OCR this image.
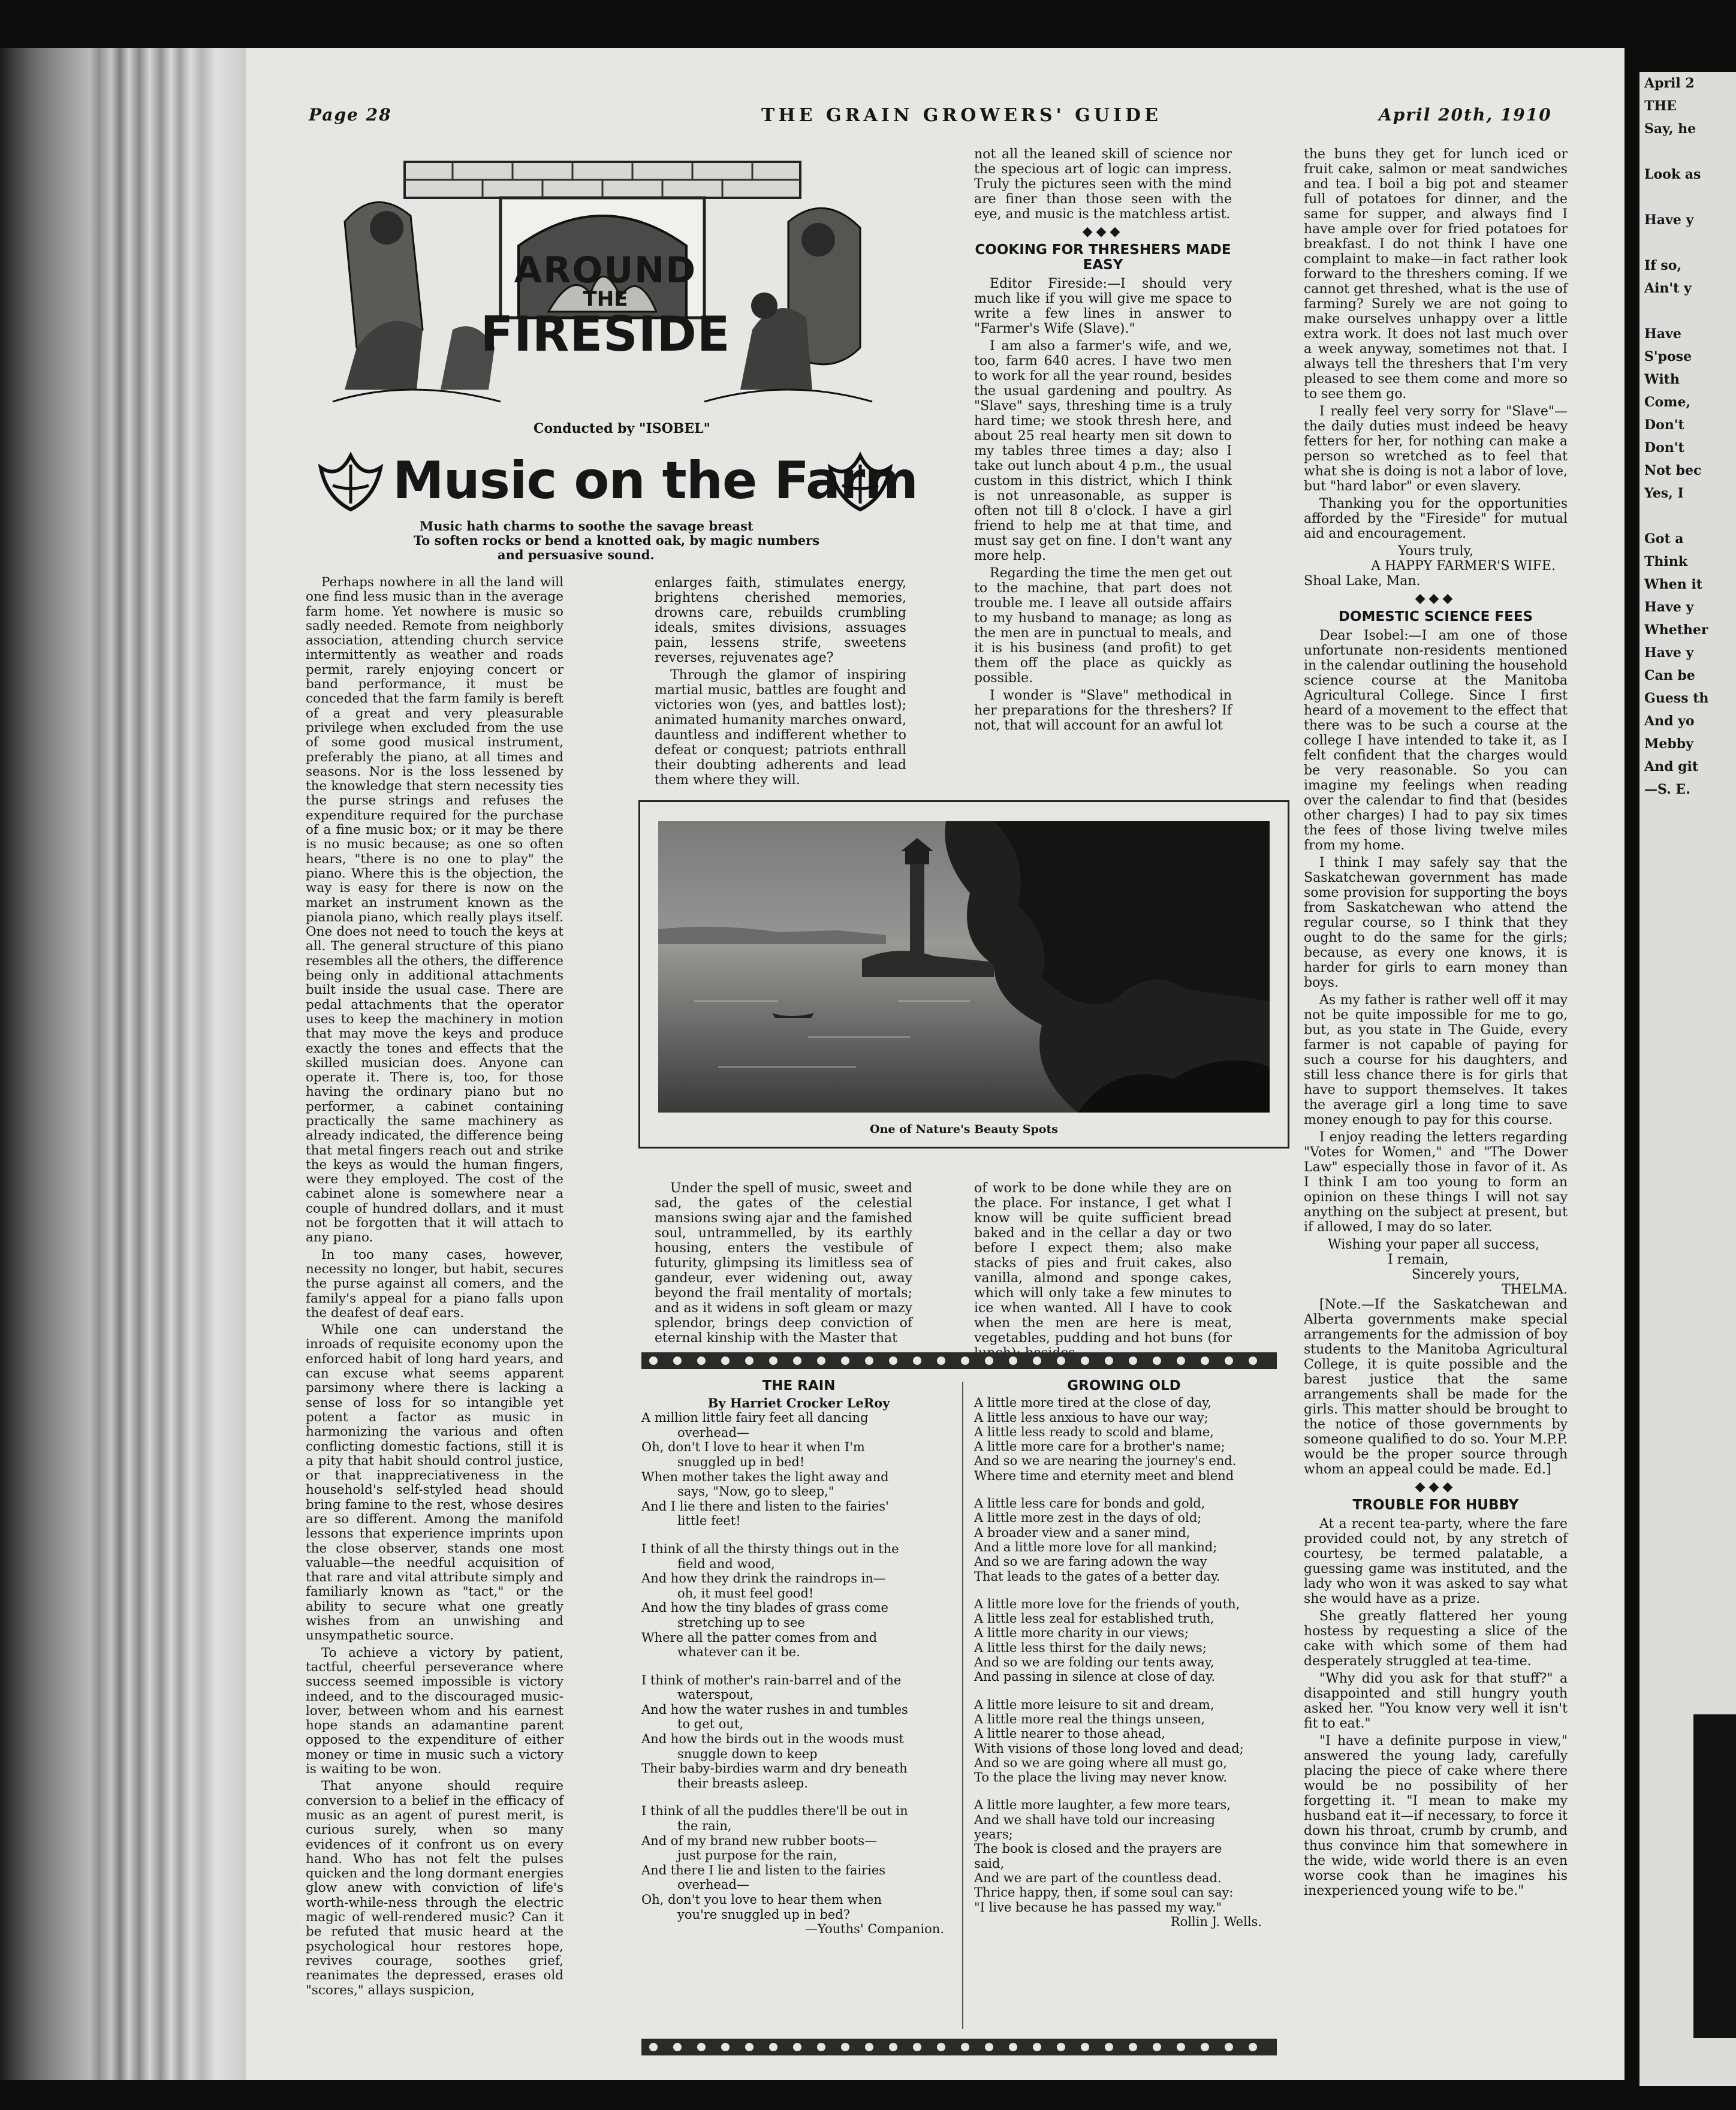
Page 28	THE GRAIN GROWERS' GUIDE	April 20th, 1910
AROUND
THE
FIRESIDE
Conducted by "ISOBEL"
Music on the Farm
Music hath charms to soothe the savage breast
To soften rocks or bend a knotted oak, by magic numbers
and persuasive sound.

Perhaps nowhere in all the land will one find less music than in the average farm home. Yet nowhere is music so sadly needed. Remote from neighborly association, attending church service intermittently as weather and roads permit, rarely enjoying concert or band performance, it must be conceded that the farm family is bereft of a great and very pleasurable privilege when excluded from the use of some good musical instrument, preferably the piano, at all times and seasons. Nor is the loss lessened by the knowledge that stern necessity ties the purse strings and refuses the expenditure required for the purchase of a fine music box; or it may be there is no music because; as one so often hears, "there is no one to play" the piano. Where this is the objection, the way is easy for there is now on the market an instrument known as the pianola piano, which really plays itself. One does not need to touch the keys at all. The general structure of this piano resembles all the others, the difference being only in additional attachments built inside the usual case. There are pedal attachments that the operator uses to keep the machinery in motion that may move the keys and produce exactly the tones and effects that the skilled musician does. Anyone can operate it. There is, too, for those having the ordinary piano but no performer, a cabinet containing practically the same machinery as already indicated, the difference being that metal fingers reach out and strike the keys as would the human fingers, were they employed. The cost of the cabinet alone is somewhere near a couple of hundred dollars, and it must not be forgotten that it will attach to any piano.

In too many cases, however, necessity no longer, but habit, secures the purse against all comers, and the family's appeal for a piano falls upon the deafest of deaf ears.

While one can understand the inroads of requisite economy upon the enforced habit of long hard years, and can excuse what seems apparent parsimony where there is lacking a sense of loss for so intangible yet potent a factor as music in harmonizing the various and often conflicting domestic factions, still it is a pity that habit should control justice, or that inappreciativeness in the household's self-styled head should bring famine to the rest, whose desires are so different. Among the manifold lessons that experience imprints upon the close observer, stands one most valuable—the needful acquisition of that rare and vital attribute simply and familiarly known as "tact," or the ability to secure what one greatly wishes from an unwishing and unsympathetic source.

To achieve a victory by patient, tactful, cheerful perseverance where success seemed impossible is victory indeed, and to the discouraged music-lover, between whom and his earnest hope stands an adamantine parent opposed to the expenditure of either money or time in music such a victory is waiting to be won.

That anyone should require conversion to a belief in the efficacy of music as an agent of purest merit, is curious surely, when so many evidences of it confront us on every hand. Who has not felt the pulses quicken and the long dormant energies glow anew with conviction of life's worth-while-ness through the electric magic of well-rendered music? Can it be refuted that music heard at the psychological hour restores hope, revives courage, soothes grief, reanimates the depressed, erases old "scores," allays suspicion,

enlarges faith, stimulates energy, brightens cherished memories, drowns care, rebuilds crumbling ideals, smites divisions, assuages pain, lessens strife, sweetens reverses, rejuvenates age?

Through the glamor of inspiring martial music, battles are fought and victories won (yes, and battles lost); animated humanity marches onward, dauntless and indifferent whether to defeat or conquest; patriots enthrall their doubting adherents and lead them where they will.

not all the leaned skill of science nor the specious art of logic can impress. Truly the pictures seen with the mind are finer than those seen with the eye, and music is the matchless artist.

◆◆◆
COOKING FOR THRESHERS MADE EASY

Editor Fireside:—I should very much like if you will give me space to write a few lines in answer to "Farmer's Wife (Slave)."

I am also a farmer's wife, and we, too, farm 640 acres. I have two men to work for all the year round, besides the usual gardening and poultry. As "Slave" says, threshing time is a truly hard time; we stook thresh here, and about 25 real hearty men sit down to my tables three times a day; also I take out lunch about 4 p.m., the usual custom in this district, which I think is not unreasonable, as supper is often not till 8 o'clock. I have a girl friend to help me at that time, and must say get on fine. I don't want any more help.

Regarding the time the men get out to the machine, that part does not trouble me. I leave all outside affairs to my husband to manage; as long as the men are in punctual to meals, and it is his business (and profit) to get them off the place as quickly as possible.

I wonder is "Slave" methodical in her preparations for the threshers? If not, that will account for an awful lot

the buns they get for lunch iced or fruit cake, salmon or meat sandwiches and tea. I boil a big pot and steamer full of potatoes for dinner, and the same for supper, and always find I have ample over for fried potatoes for breakfast. I do not think I have one complaint to make—in fact rather look forward to the threshers coming. If we cannot get threshed, what is the use of farming? Surely we are not going to make ourselves unhappy over a little extra work. It does not last much over a week anyway, sometimes not that. I always tell the threshers that I'm very pleased to see them come and more so to see them go.

I really feel very sorry for "Slave"—the daily duties must indeed be heavy fetters for her, for nothing can make a person so wretched as to feel that what she is doing is not a labor of love, but "hard labor" or even slavery.

Thanking you for the opportunities afforded by the "Fireside" for mutual aid and encouragement.

Yours truly,
A HAPPY FARMER'S WIFE.
Shoal Lake, Man.
◆◆◆
DOMESTIC SCIENCE FEES

Dear Isobel:—I am one of those unfortunate non-residents mentioned in the calendar outlining the household science course at the Manitoba Agricultural College. Since I first heard of a movement to the effect that there was to be such a course at the college I have intended to take it, as I felt confident that the charges would be very reasonable. So you can imagine my feelings when reading over the calendar to find that (besides other charges) I had to pay six times the fees of those living twelve miles from my home.

I think I may safely say that the Saskatchewan government has made some provision for supporting the boys from Saskatchewan who attend the regular course, so I think that they ought to do the same for the girls; because, as every one knows, it is harder for girls to earn money than boys.

As my father is rather well off it may not be quite impossible for me to go, but, as you state in The Guide, every farmer is not capable of paying for such a course for his daughters, and still less chance there is for girls that have to support themselves. It takes the average girl a long time to save money enough to pay for this course.

I enjoy reading the letters regarding "Votes for Women," and "The Dower Law" especially those in favor of it. As I think I am too young to form an opinion on these things I will not say anything on the subject at present, but if allowed, I may do so later.

Wishing your paper all success,
I remain,
Sincerely yours,
THELMA.

[Note.—If the Saskatchewan and Alberta governments make special arrangements for the admission of boy students to the Manitoba Agricultural College, it is quite possible and the barest justice that the same arrangements shall be made for the girls. This matter should be brought to the notice of those governments by someone qualified to do so. Your M.P.P. would be the proper source through whom an appeal could be made. Ed.]

◆◆◆
TROUBLE FOR HUBBY

At a recent tea-party, where the fare provided could not, by any stretch of courtesy, be termed palatable, a guessing game was instituted, and the lady who won it was asked to say what she would have as a prize.

She greatly flattered her young hostess by requesting a slice of the cake with which some of them had desperately struggled at tea-time.

"Why did you ask for that stuff?" a disappointed and still hungry youth asked her. "You know very well it isn't fit to eat."

"I have a definite purpose in view," answered the young lady, carefully placing the piece of cake where there would be no possibility of her forgetting it. "I mean to make my husband eat it—if necessary, to force it down his throat, crumb by crumb, and thus convince him that somewhere in the wide, wide world there is an even worse cook than he imagines his inexperienced young wife to be."

One of Nature's Beauty Spots

Under the spell of music, sweet and sad, the gates of the celestial mansions swing ajar and the famished soul, untrammelled, by its earthly housing, enters the vestibule of futurity, glimpsing its limitless sea of gandeur, ever widening out, away beyond the frail mentality of mortals; and as it widens in soft gleam or mazy splendor, brings deep conviction of eternal kinship with the Master that

of work to be done while they are on the place. For instance, I get what I know will be quite sufficient bread baked and in the cellar a day or two before I expect them; also make stacks of pies and fruit cakes, also vanilla, almond and sponge cakes, which will only take a few minutes to ice when wanted. All I have to cook when the men are here is meat, vegetables, pudding and hot buns (for

THE RAIN
By Harriet Crocker LeRoy
A million little fairy feet all dancing
overhead—
Oh, don't I love to hear it when I'm
snuggled up in bed!
When mother takes the light away and
says, "Now, go to sleep,"
And I lie there and listen to the fairies'
little feet!
I think of all the thirsty things out in the
field and wood,
And how they drink the raindrops in—
oh, it must feel good!
And how the tiny blades of grass come
stretching up to see
Where all the patter comes from and
whatever can it be.
I think of mother's rain-barrel and of the
waterspout,
And how the water rushes in and tumbles
to get out,
And how the birds out in the woods must
snuggle down to keep
Their baby-birdies warm and dry beneath
their breasts asleep.
I think of all the puddles there'll be out in
the rain,
And of my brand new rubber boots—
just purpose for the rain,
And there I lie and listen to the fairies
overhead—
Oh, don't you love to hear them when
you're snuggled up in bed?
—Youths' Companion.
GROWING OLD
A little more tired at the close of day,
A little less anxious to have our way;
A little less ready to scold and blame,
A little more care for a brother's name;
And so we are nearing the journey's end.
Where time and eternity meet and blend
A little less care for bonds and gold,
A little more zest in the days of old;
A broader view and a saner mind,
And a little more love for all mankind;
And so we are faring adown the way
That leads to the gates of a better day.
A little more love for the friends of youth,
A little less zeal for established truth,
A little more charity in our views;
A little less thirst for the daily news;
And so we are folding our tents away,
And passing in silence at close of day.
A little more leisure to sit and dream,
A little more real the things unseen,
A little nearer to those ahead,
With visions of those long loved and dead;
And so we are going where all must go,
To the place the living may never know.
A little more laughter, a few more tears,
And we shall have told our increasing
years;
The book is closed and the prayers are
said,
And we are part of the countless dead.
Thrice happy, then, if some soul can say:
"I live because he has passed my way."
Rollin J. Wells.
April 2
THE
Say, he

Look as

Have y

If so,
Ain't y

Have
S'pose
With
Come,
Don't
Don't
Not bec
Yes, I

Got a
Think
When it
Have y
Whether
Have y
Can be
Guess th
And yo
Mebby
And git
—S. E.
